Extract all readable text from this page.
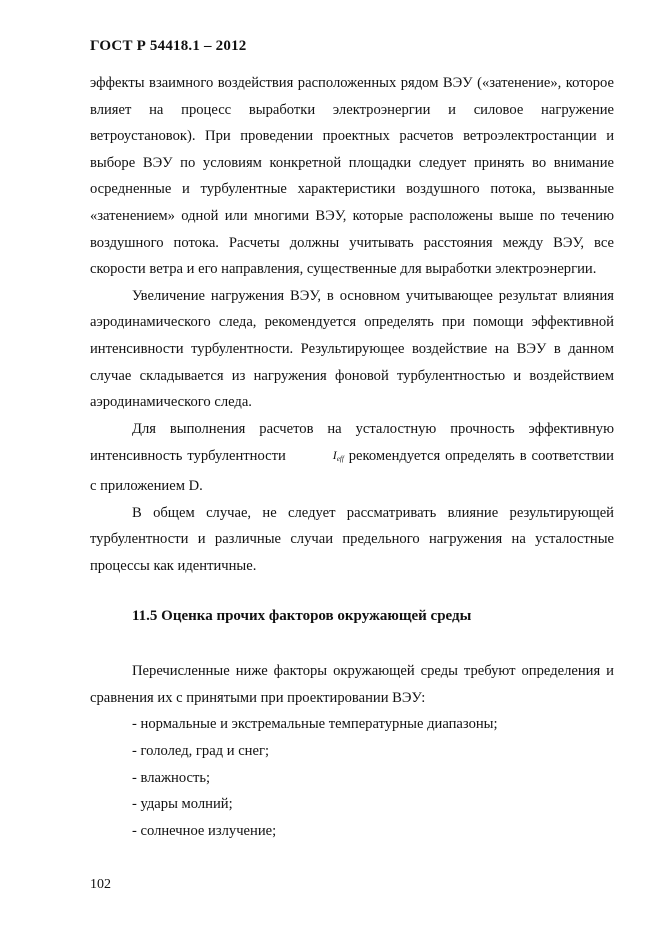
ГОСТ Р 54418.1 – 2012

эффекты взаимного воздействия расположенных рядом ВЭУ («затенение», которое влияет на процесс выработки электроэнергии и силовое нагружение ветроустановок). При проведении проектных расчетов ветроэлектростанции и выборе ВЭУ по условиям конкретной площадки следует принять во внимание осредненные и турбулентные характеристики воздушного потока, вызванные «затенением» одной или многими ВЭУ, которые расположены выше по течению воздушного потока. Расчеты должны учитывать расстояния между ВЭУ, все скорости ветра и его направления, существенные для выработки электроэнергии.

Увеличение нагружения ВЭУ, в основном учитывающее результат влияния аэродинамического следа, рекомендуется определять при помощи эффективной интенсивности турбулентности. Результирующее воздействие на ВЭУ в данном случае складывается из нагружения фоновой турбулентностью и воздействием аэродинамического следа.

Для выполнения расчетов на усталостную прочность эффективную интенсивность турбулентности	$I_{eff}$ рекомендуется определять в соответствии с приложением D.

В общем случае, не следует рассматривать влияние результирующей турбулентности и различные случаи предельного нагружения на усталостные процессы как идентичные.

11.5 Оценка прочих факторов окружающей среды

Перечисленные ниже факторы окружающей среды требуют определения и сравнения их с принятыми при проектировании ВЭУ:

- нормальные и экстремальные температурные диапазоны;
- гололед, град и снег;
- влажность;
- удары молний;
- солнечное излучение;
102
